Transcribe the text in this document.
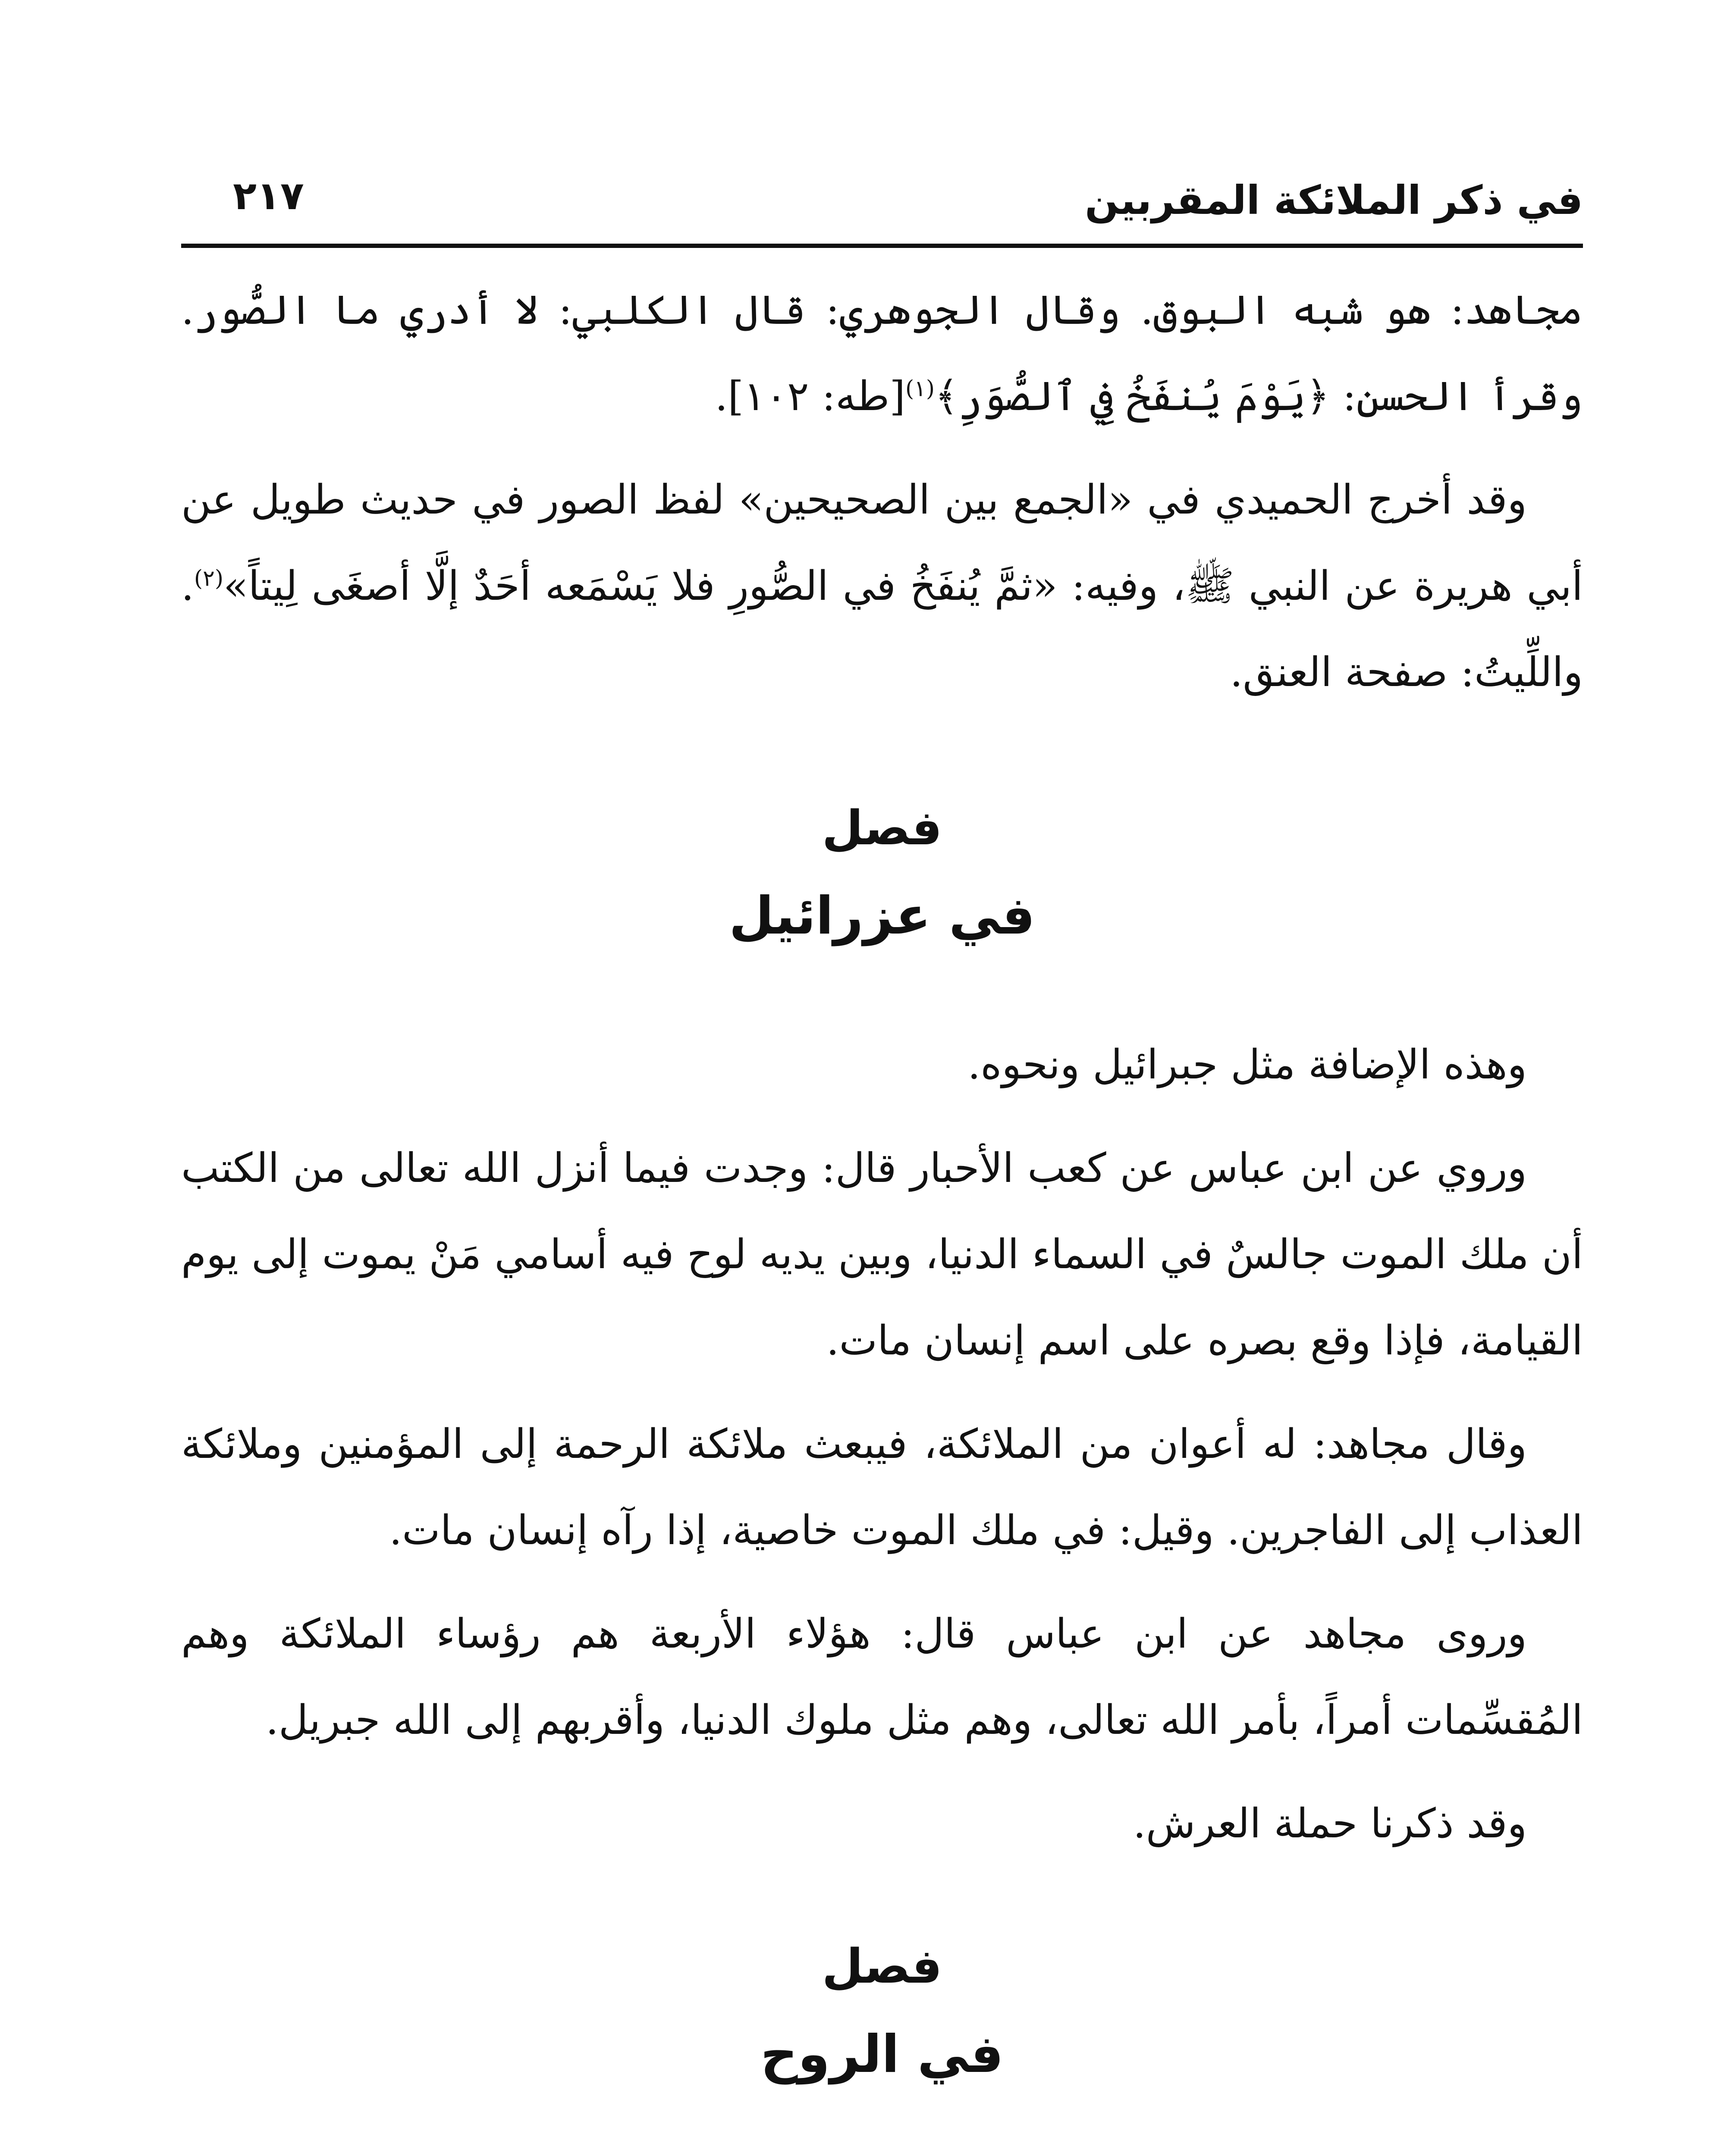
في ذكر الملائكة المقربين
٢١٧

مجاهد: هو شبه البوق. وقال الجوهري: قال الكلبي: لا أدري ما الصُّور. وقرأ الحسن: ﴿يَوْمَ يُنفَخُ فِي ٱلصُّوَرِ﴾$^{(١)}$[طه: ١٠٢].

وقد أخرج الحميدي في «الجمع بين الصحيحين» لفظ الصور في حديث طويل عن أبي هريرة عن النبي ﷺ، وفيه: «ثمَّ يُنفَخُ في الصُّورِ فلا يَسْمَعه أحَدٌ إلَّا أصغَى لِيتاً»$^{(٢)}$. واللِّيتُ: صفحة العنق.

فصل
في عزرائيل

وهذه الإضافة مثل جبرائيل ونحوه.

وروي عن ابن عباس عن كعب الأحبار قال: وجدت فيما أنزل الله تعالى من الكتب أن ملك الموت جالسٌ في السماء الدنيا، وبين يديه لوح فيه أسامي مَنْ يموت إلى يوم القيامة، فإذا وقع بصره على اسم إنسان مات.

وقال مجاهد: له أعوان من الملائكة، فيبعث ملائكة الرحمة إلى المؤمنين وملائكة العذاب إلى الفاجرين. وقيل: في ملك الموت خاصية، إذا رآه إنسان مات.

وروى مجاهد عن ابن عباس قال: هؤلاء الأربعة هم رؤساء الملائكة وهم المُقسِّمات أمراً، بأمر الله تعالى، وهم مثل ملوك الدنيا، وأقربهم إلى الله جبريل.

وقد ذكرنا حملة العرش.

فصل
في الروح
